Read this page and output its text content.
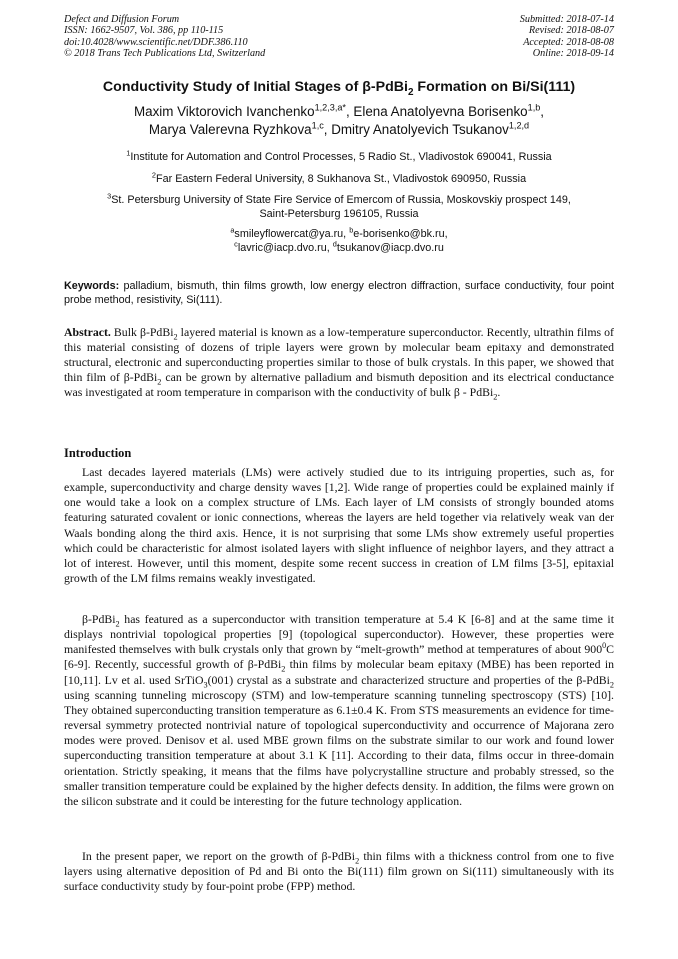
Defect and Diffusion Forum
ISSN: 1662-9507, Vol. 386, pp 110-115
doi:10.4028/www.scientific.net/DDF.386.110
© 2018 Trans Tech Publications Ltd, Switzerland
Submitted: 2018-07-14
Revised: 2018-08-07
Accepted: 2018-08-08
Online: 2018-09-14
Conductivity Study of Initial Stages of β-PdBi$_2$ Formation on Bi/Si(111)
Maxim Viktorovich Ivanchenko$^{1,2,3,a*}$, Elena Anatolyevna Borisenko$^{1,b}$,
Marya Valerevna Ryzhkova$^{1,c}$, Dmitry Anatolyevich Tsukanov$^{1,2,d}$
$^1$Institute for Automation and Control Processes, 5 Radio St., Vladivostok 690041, Russia
$^2$Far Eastern Federal University, 8 Sukhanova St., Vladivostok 690950, Russia
$^3$St. Petersburg University of State Fire Service of Emercom of Russia, Moskovskiy prospect 149,
Saint-Petersburg 196105, Russia
$^a$smileyflowercat@ya.ru, $^b$e-borisenko@bk.ru,
$^c$lavric@iacp.dvo.ru, $^d$tsukanov@iacp.dvo.ru
Keywords: palladium, bismuth, thin films growth, low energy electron diffraction, surface conductivity, four point probe method, resistivity, Si(111).
Abstract. Bulk β-PdBi$_2$ layered material is known as a low-temperature superconductor. Recently, ultrathin films of this material consisting of dozens of triple layers were grown by molecular beam epitaxy and demonstrated structural, electronic and superconducting properties similar to those of bulk crystals. In this paper, we showed that thin film of β-PdBi$_2$ can be grown by alternative palladium and bismuth deposition and its electrical conductance was investigated at room temperature in comparison with the conductivity of bulk β - PdBi$_2$.
Introduction

Last decades layered materials (LMs) were actively studied due to its intriguing properties, such as, for example, superconductivity and charge density waves [1,2]. Wide range of properties could be explained mainly if one would take a look on a complex structure of LMs. Each layer of LM consists of strongly bounded atoms featuring saturated covalent or ionic connections, whereas the layers are held together via relatively weak van der Waals bonding along the third axis. Hence, it is not surprising that some LMs show extremely useful properties which could be characteristic for almost isolated layers with slight influence of neighbor layers, and they attract a lot of interest. However, until this moment, despite some recent success in creation of LM films [3-5], epitaxial growth of the LM films remains weakly investigated.

β-PdBi$_2$ has featured as a superconductor with transition temperature at 5.4 K [6-8] and at the same time it displays nontrivial topological properties [9] (topological superconductor). However, these properties were manifested themselves with bulk crystals only that grown by “melt-growth” method at temperatures of about $900^0C$ [6-9]. Recently, successful growth of β-PdBi$_2$ thin films by molecular beam epitaxy (MBE) has been reported in [10,11]. Lv et al. used SrTiO$_3$(001) crystal as a substrate and characterized structure and properties of the β-PdBi$_2$ using scanning tunneling microscopy (STM) and low-temperature scanning tunneling spectroscopy (STS) [10]. They obtained superconducting transition temperature as 6.1±0.4 K. From STS measurements an evidence for time-reversal symmetry protected nontrivial nature of topological superconductivity and occurrence of Majorana zero modes were proved. Denisov et al. used MBE grown films on the substrate similar to our work and found lower superconducting transition temperature at about 3.1 K [11]. According to their data, films occur in three-domain orientation. Strictly speaking, it means that the films have polycrystalline structure and probably stressed, so the smaller transition temperature could be explained by the higher defects density. In addition, the films were grown on the silicon substrate and it could be interesting for the future technology application.

In the present paper, we report on the growth of β-PdBi$_2$ thin films with a thickness control from one to five layers using alternative deposition of Pd and Bi onto the Bi(111) film grown on Si(111) simultaneously with its surface conductivity study by four-point probe (FPP) method.
